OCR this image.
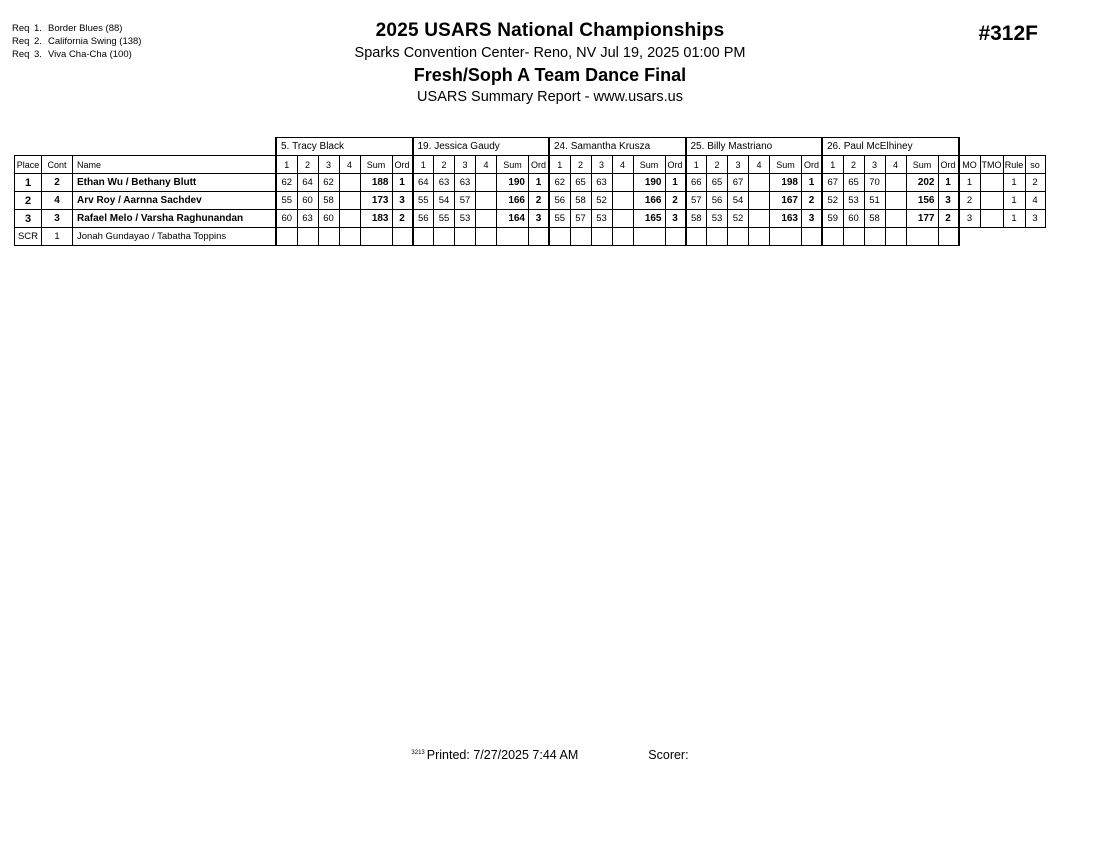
Req 1. Border Blues (88)
Req 2. California Swing (138)
Req 3. Viva Cha-Cha (100)
2025 USARS National Championships
Sparks Convention Center- Reno, NV Jul 19, 2025 01:00 PM
Fresh/Soph A Team Dance Final
USARS Summary Report - www.usars.us
#312F
			5. Tracy Black						19. Jessica Gaudy						24. Samantha Krusza						25. Billy Mastriano						26. Paul McElhiney									
Place	Cont	Name	1	2	3	4	Sum	Ord	1	2	3	4	Sum	Ord	1	2	3	4	Sum	Ord	1	2	3	4	Sum	Ord	1	2	3	4	Sum	Ord	MO	TMO	Rule	so
1	2	Ethan Wu / Bethany Blutt	62	64	62		188	1	64	63	63		190	1	62	65	63		190	1	66	65	67		198	1	67	65	70		202	1	1		1	2
2	4	Arv Roy / Aarnna Sachdev	55	60	58		173	3	55	54	57		166	2	56	58	52		166	2	57	56	54		167	2	52	53	51		156	3	2		1	4
3	3	Rafael Melo / Varsha Raghunandan	60	63	60		183	2	56	55	53		164	3	55	57	53		165	3	58	53	52		163	3	59	60	58		177	2	3		1	3
SCR	1	Jonah Gundayao / Tabatha Toppins																																		
$^{3213}$ Printed: 7/27/2025 7:44 AM	Scorer:
